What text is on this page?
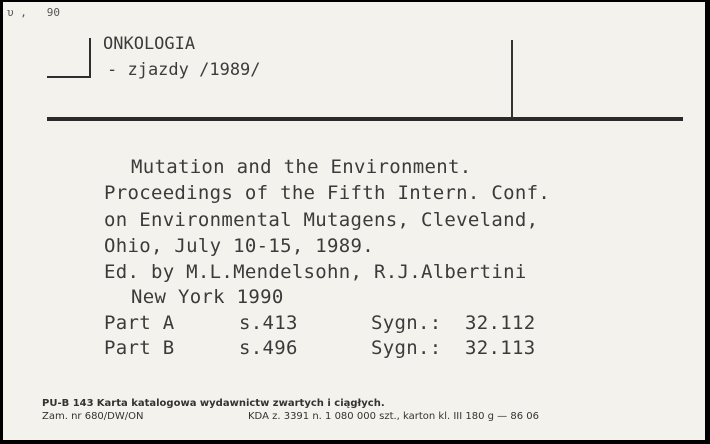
υ ,   90
ONKOLOGIA
- zjazdy /1989/
Mutation and the Environment.
Proceedings of the Fifth Intern. Conf.
on Environmental Mutagens, Cleveland,
Ohio, July 10-15, 1989.
Ed. by M.L.Mendelsohn, R.J.Albertini
New York 1990
Part A	s.413	Sygn.: 32.112
Part B	s.496	Sygn.: 32.113
PU-B 143 Karta katalogowa wydawnictw zwartych i ciągłych.
Zam. nr 680/DW/ON	KDA z. 3391 n. 1 080 000 szt., karton kl. III 180 g — 86 06
